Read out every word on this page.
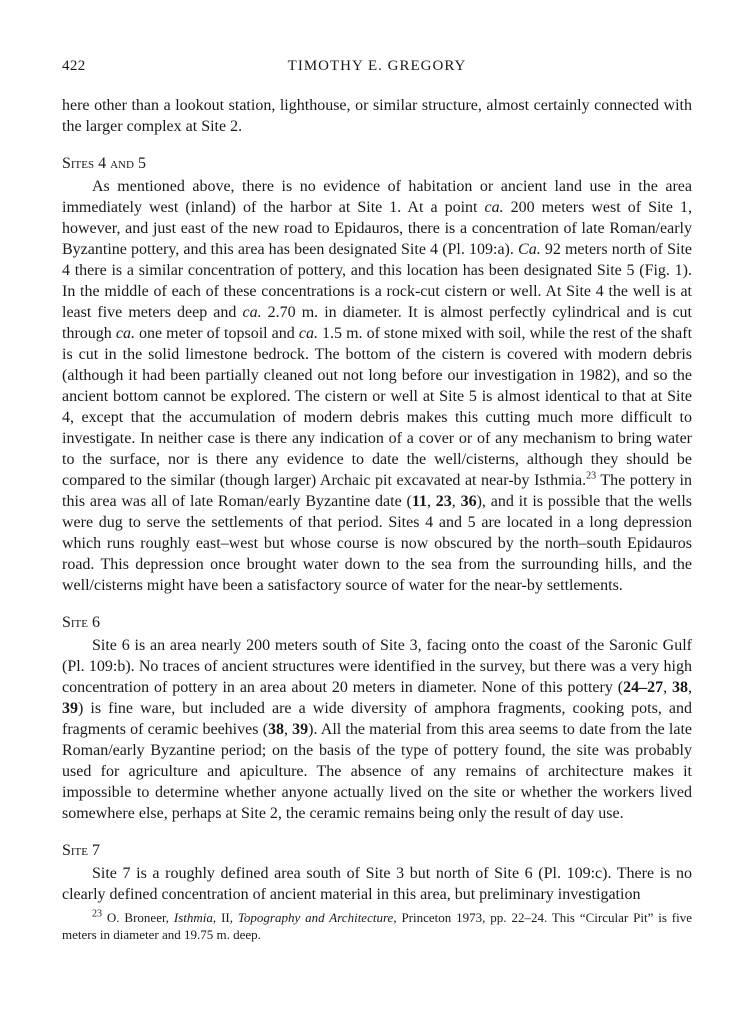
422	TIMOTHY E. GREGORY

here other than a lookout station, lighthouse, or similar structure, almost certainly connected with the larger complex at Site 2.

Sites 4 and 5

As mentioned above, there is no evidence of habitation or ancient land use in the area immediately west (inland) of the harbor at Site 1. At a point ca. 200 meters west of Site 1, however, and just east of the new road to Epidauros, there is a concentration of late Roman/early Byzantine pottery, and this area has been designated Site 4 (Pl. 109:a). Ca. 92 meters north of Site 4 there is a similar concentration of pottery, and this location has been designated Site 5 (Fig. 1). In the middle of each of these concentrations is a rock-cut cistern or well. At Site 4 the well is at least five meters deep and ca. 2.70 m. in diameter. It is almost perfectly cylindrical and is cut through ca. one meter of topsoil and ca. 1.5 m. of stone mixed with soil, while the rest of the shaft is cut in the solid limestone bedrock. The bottom of the cistern is covered with modern debris (although it had been partially cleaned out not long before our investigation in 1982), and so the ancient bottom cannot be explored. The cistern or well at Site 5 is almost identical to that at Site 4, except that the accumulation of modern debris makes this cutting much more difficult to investigate. In neither case is there any indication of a cover or of any mechanism to bring water to the surface, nor is there any evidence to date the well/cisterns, although they should be compared to the similar (though larger) Archaic pit excavated at near-by Isthmia.$^{23}$ The pottery in this area was all of late Roman/early Byzantine date (11, 23, 36), and it is possible that the wells were dug to serve the settlements of that period. Sites 4 and 5 are located in a long depression which runs roughly east–west but whose course is now obscured by the north–south Epidauros road. This depression once brought water down to the sea from the surrounding hills, and the well/cisterns might have been a satisfactory source of water for the near-by settlements.

Site 6

Site 6 is an area nearly 200 meters south of Site 3, facing onto the coast of the Saronic Gulf (Pl. 109:b). No traces of ancient structures were identified in the survey, but there was a very high concentration of pottery in an area about 20 meters in diameter. None of this pottery (24–27, 38, 39) is fine ware, but included are a wide diversity of amphora fragments, cooking pots, and fragments of ceramic beehives (38, 39). All the material from this area seems to date from the late Roman/early Byzantine period; on the basis of the type of pottery found, the site was probably used for agriculture and apiculture. The absence of any remains of architecture makes it impossible to determine whether anyone actually lived on the site or whether the workers lived somewhere else, perhaps at Site 2, the ceramic remains being only the result of day use.

Site 7

Site 7 is a roughly defined area south of Site 3 but north of Site 6 (Pl. 109:c). There is no clearly defined concentration of ancient material in this area, but preliminary investigation

$^{23}$ O. Broneer, Isthmia, II, Topography and Architecture, Princeton 1973, pp. 22–24. This “Circular Pit” is five meters in diameter and 19.75 m. deep.
